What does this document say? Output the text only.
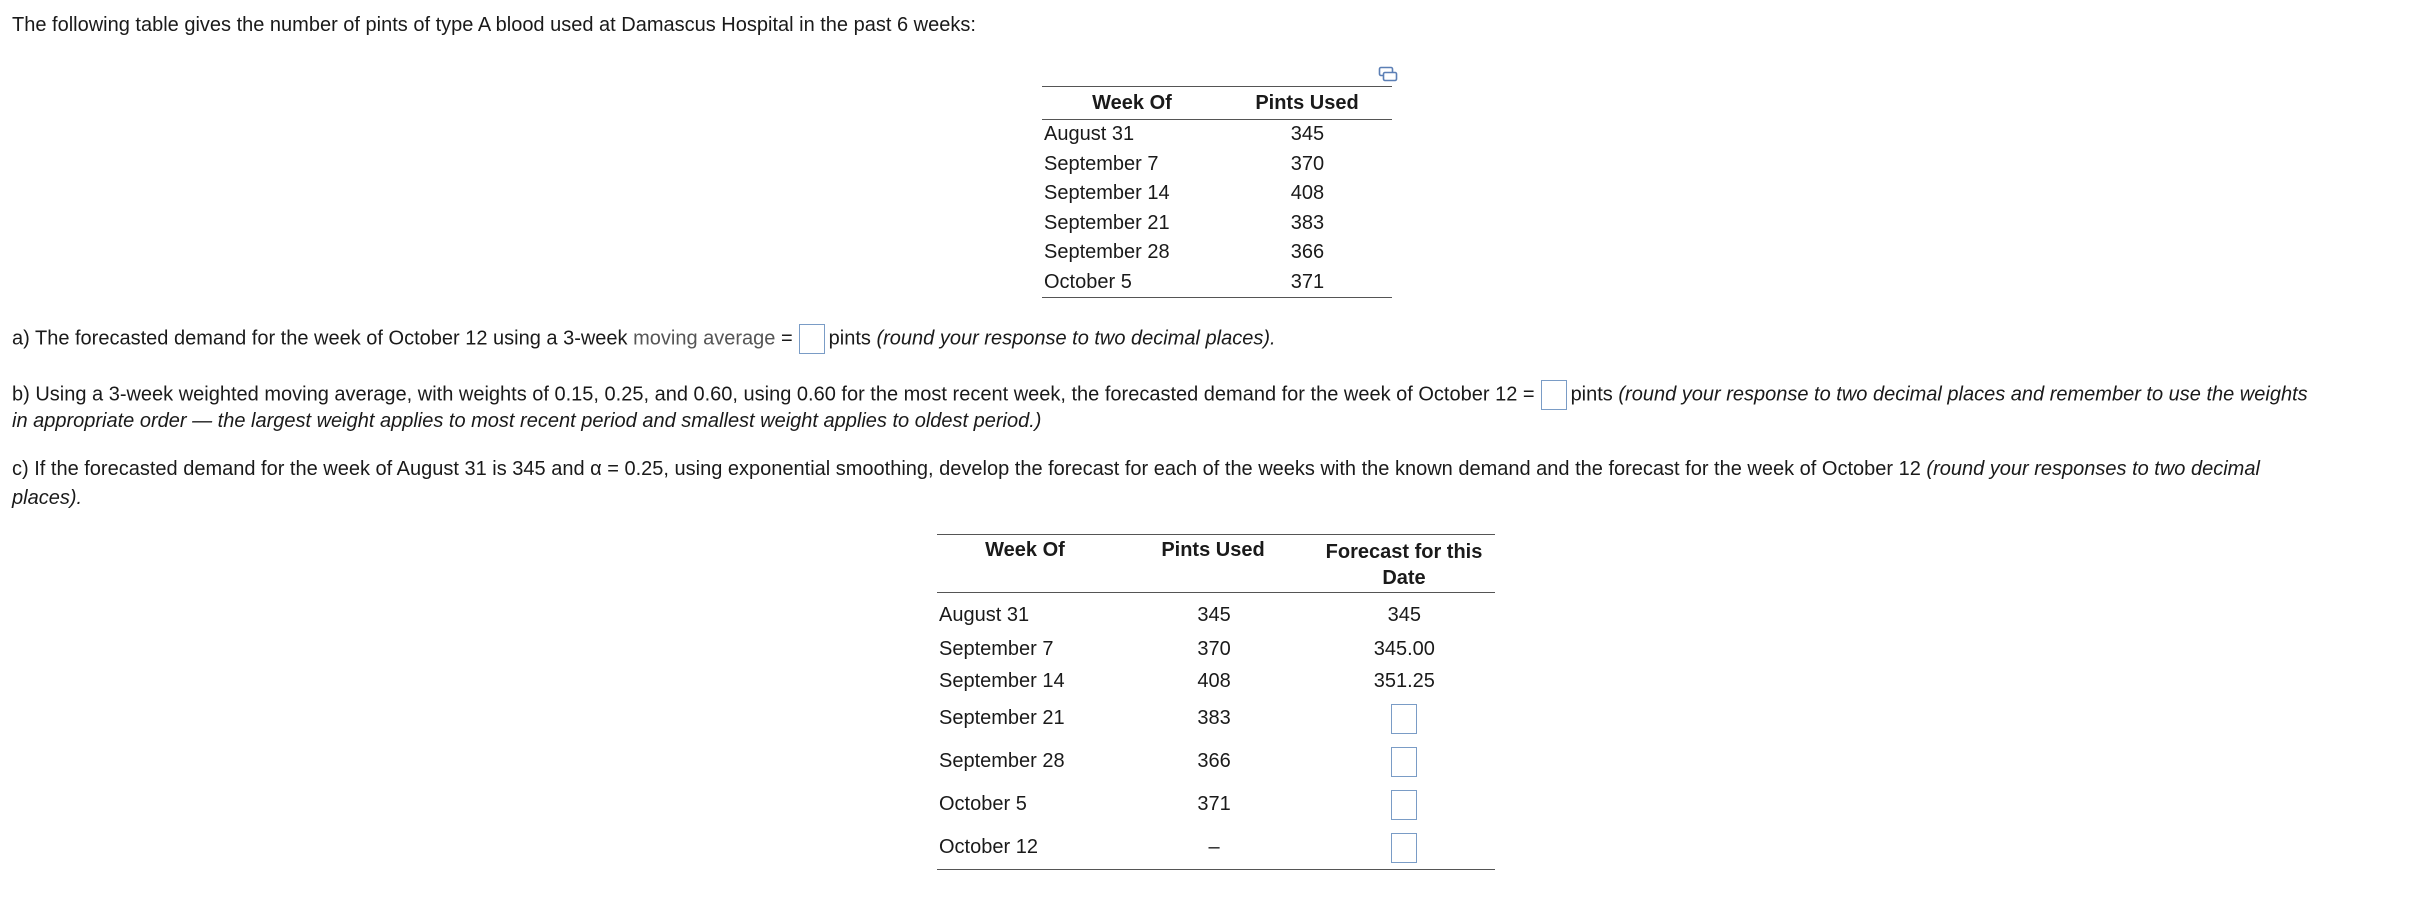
The following table gives the number of pints of type A blood used at Damascus Hospital in the past 6 weeks:
Week Of	Pints Used
August 31	345
September 7	370
September 14	408
September 21	383
September 28	366
October 5	371
a) The forecasted demand for the week of October 12 using a 3-week moving average = pints (round your response to two decimal places).
b) Using a 3-week weighted moving average, with weights of 0.15, 0.25, and 0.60, using 0.60 for the most recent week, the forecasted demand for the week of October 12 = pints (round your response to two decimal places and remember to use the weights
in appropriate order — the largest weight applies to most recent period and smallest weight applies to oldest period.)
c) If the forecasted demand for the week of August 31 is 345 and α = 0.25, using exponential smoothing, develop the forecast for each of the weeks with the known demand and the forecast for the week of October 12 (round your responses to two decimal
places).
Week Of	Pints Used	Forecast for this
Date
August 31	345	345
September 7	370	345.00
September 14	408	351.25
September 21	383
September 28	366
October 5	371
October 12	–
